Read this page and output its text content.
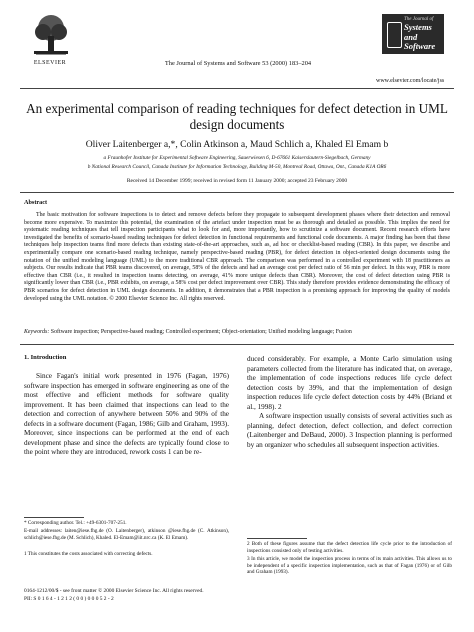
ELSEVIER	The Journal of Systems and Software 53 (2000) 183–204
The Journal of
Systems and Software
www.elsevier.com/locate/jss
An experimental comparison of reading techniques for defect detection in UML design documents
Oliver Laitenberger a,*, Colin Atkinson a, Maud Schlich a, Khaled El Emam b
a Fraunhofer Institute for Experimental Software Engineering, Sauerwiesen 6, D-67661 Kaiserslautern-Siegelbach, Germany
b National Research Council, Canada Institute for Information Technology, Building M-50, Montreal Road, Ottawa, Ont., Canada K1A OR6
Received 14 December 1999; received in revised form 11 January 2000; accepted 23 February 2000
Abstract
The basic motivation for software inspections is to detect and remove defects before they propagate to subsequent development phases where their detection and removal become more expensive. To maximize this potential, the examination of the artefact under inspection must be as thorough and detailed as possible. This implies the need for systematic reading techniques that tell inspection participants what to look for and, more importantly, how to scrutinize a software document. Recent research efforts have investigated the benefits of scenario-based reading techniques for defect detection in functional requirements and functional code documents. A major finding has been that these techniques help inspection teams find more defects than existing state-of-the-art approaches, such as, ad hoc or checklist-based reading (CBR). In this paper, we describe and experimentally compare one scenario-based reading technique, namely perspective-based reading (PBR), for defect detection in object-oriented design documents using the notation of the unified modeling language (UML) to the more traditional CBR approach. The comparison was performed in a controlled experiment with 18 practitioners as subjects. Our results indicate that PBR teams discovered, on average, 58% of the defects and had an average cost per defect ratio of 56 min per defect. In this way, PBR is more effective than CBR (i.e., it resulted in inspection teams detecting, on average, 41% more unique defects than CBR). Moreover, the cost of defect detection using PBR is significantly lower than CBR (i.e., PBR exhibits, on average, a 58% cost per defect improvement over CBR). This study therefore provides evidence demonstrating the efficacy of PBR scenarios for defect detection in UML design documents. In addition, it demonstrates that a PBR inspection is a promising approach for improving the quality of models developed using the UML notation. © 2000 Elsevier Science Inc. All rights reserved.
Keywords: Software inspection; Perspective-based reading; Controlled experiment; Object-orientation; Unified modeling language; Fusion
1. Introduction
Since Fagan's initial work presented in 1976 (Fagan, 1976) software inspection has emerged in software engineering as one of the most effective and efficient methods for software quality improvement. It has been claimed that inspections can lead to the detection and correction of anywhere between 50% and 90% of the defects in a software document (Fagan, 1986; Gilb and Graham, 1993). Moreover, since inspections can be performed at the end of each development phase and since the defects are typically found close to the point where they are introduced, rework costs 1 can be re-

duced considerably. For example, a Monte Carlo simulation using parameters collected from the literature has indicated that, on average, the implementation of code inspections reduces life cycle defect detection costs by 39%, and that the implementation of design inspection reduces life cycle defect detection costs by 44% (Briand et al., 1998). 2

A software inspection usually consists of several activities such as planning, defect detection, defect collection, and defect correction (Laitenberger and DeBaud, 2000). 3 Inspection planning is performed by an organizer who schedules all subsequent inspection activities.

* Corresponding author. Tel.: +49-6301-707-251.
E-mail addresses: laiten@iese.fhg.de (O. Laitenberger), atkinson @iese.fhg.de (C. Atkinson), schlich@iese.fhg.de (M. Schlich), Khaled. El-Emam@iit.nrc.ca (K. El Emam).
1 This constitutes the costs associated with correcting defects.
2 Both of these figures assume that the defect detection life cycle prior to the introduction of inspections consisted only of testing activities.
3 In this article, we model the inspection process in terms of its main activities. This allows us to be independent of a specific inspection implementation, such as that of Fagan (1976) or of Gilb and Graham (1993).
0164-1212/00/$ - see front matter © 2000 Elsevier Science Inc. All rights reserved.
PII: S 0 1 6 4 - 1 2 1 2 ( 0 0 ) 0 0 0 5 2 - 2
